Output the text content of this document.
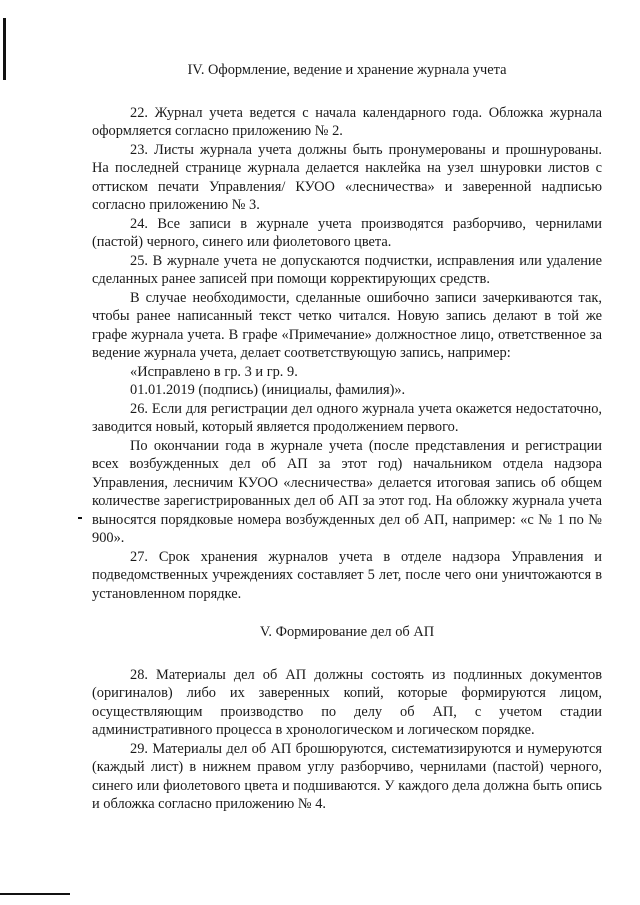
IV. Оформление, ведение и хранение журнала учета

22. Журнал учета ведется с начала календарного года. Обложка журнала оформляется согласно приложению № 2.

23. Листы журнала учета должны быть пронумерованы и прошнурованы. На последней странице журнала делается наклейка на узел шнуровки листов с оттиском печати Управления/ КУОО «лесничества» и заверенной надписью согласно приложению № 3.

24. Все записи в журнале учета производятся разборчиво, чернилами (пастой) черного, синего или фиолетового цвета.

25. В журнале учета не допускаются подчистки, исправления или удаление сделанных ранее записей при помощи корректирующих средств.

В случае необходимости, сделанные ошибочно записи зачеркиваются так, чтобы ранее написанный текст четко читался. Новую запись делают в той же графе журнала учета. В графе «Примечание» должностное лицо, ответственное за ведение журнала учета, делает соответствующую запись, например:

«Исправлено в гр. 3 и гр. 9.

01.01.2019 (подпись) (инициалы, фамилия)».

26. Если для регистрации дел одного журнала учета окажется недостаточно, заводится новый, который является продолжением первого.

По окончании года в журнале учета (после представления и регистрации всех возбужденных дел об АП за этот год) начальником отдела надзора Управления, лесничим КУОО «лесничества» делается итоговая запись об общем количестве зарегистрированных дел об АП за этот год. На обложку журнала учета выносятся порядковые номера возбужденных дел об АП, например: «с № 1 по № 900».

27. Срок хранения журналов учета в отделе надзора Управления и подведомственных учреждениях составляет 5 лет, после чего они уничтожаются в установленном порядке.

V. Формирование дел об АП

28. Материалы дел об АП должны состоять из подлинных документов (оригиналов) либо их заверенных копий, которые формируются лицом, осуществляющим производство по делу об АП, с учетом стадии административного процесса в хронологическом и логическом порядке.

29. Материалы дел об АП брошюруются, систематизируются и нумеруются (каждый лист) в нижнем правом углу разборчиво, чернилами (пастой) черного, синего или фиолетового цвета и подшиваются. У каждого дела должна быть опись и обложка согласно приложению № 4.
